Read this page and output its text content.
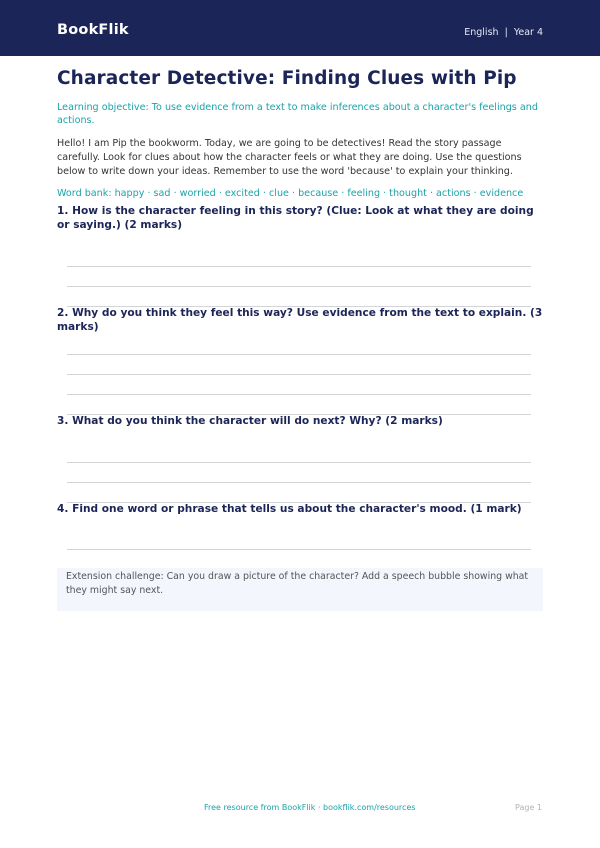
BookFlik	English  |  Year 4
Character Detective: Finding Clues with Pip
Learning objective: To use evidence from a text to make inferences about a character's feelings and actions.
Hello! I am Pip the bookworm. Today, we are going to be detectives! Read the story passage carefully. Look for clues about how the character feels or what they are doing. Use the questions below to write down your ideas. Remember to use the word 'because' to explain your thinking.
Word bank: happy · sad · worried · excited · clue · because · feeling · thought · actions · evidence
1. How is the character feeling in this story? (Clue: Look at what they are doing or saying.) (2 marks)
2. Why do you think they feel this way? Use evidence from the text to explain. (3 marks)
3. What do you think the character will do next? Why? (2 marks)
4. Find one word or phrase that tells us about the character's mood. (1 mark)
Extension challenge: Can you draw a picture of the character? Add a speech bubble showing what they might say next.
Free resource from BookFlik · bookflik.com/resources	Page 1
